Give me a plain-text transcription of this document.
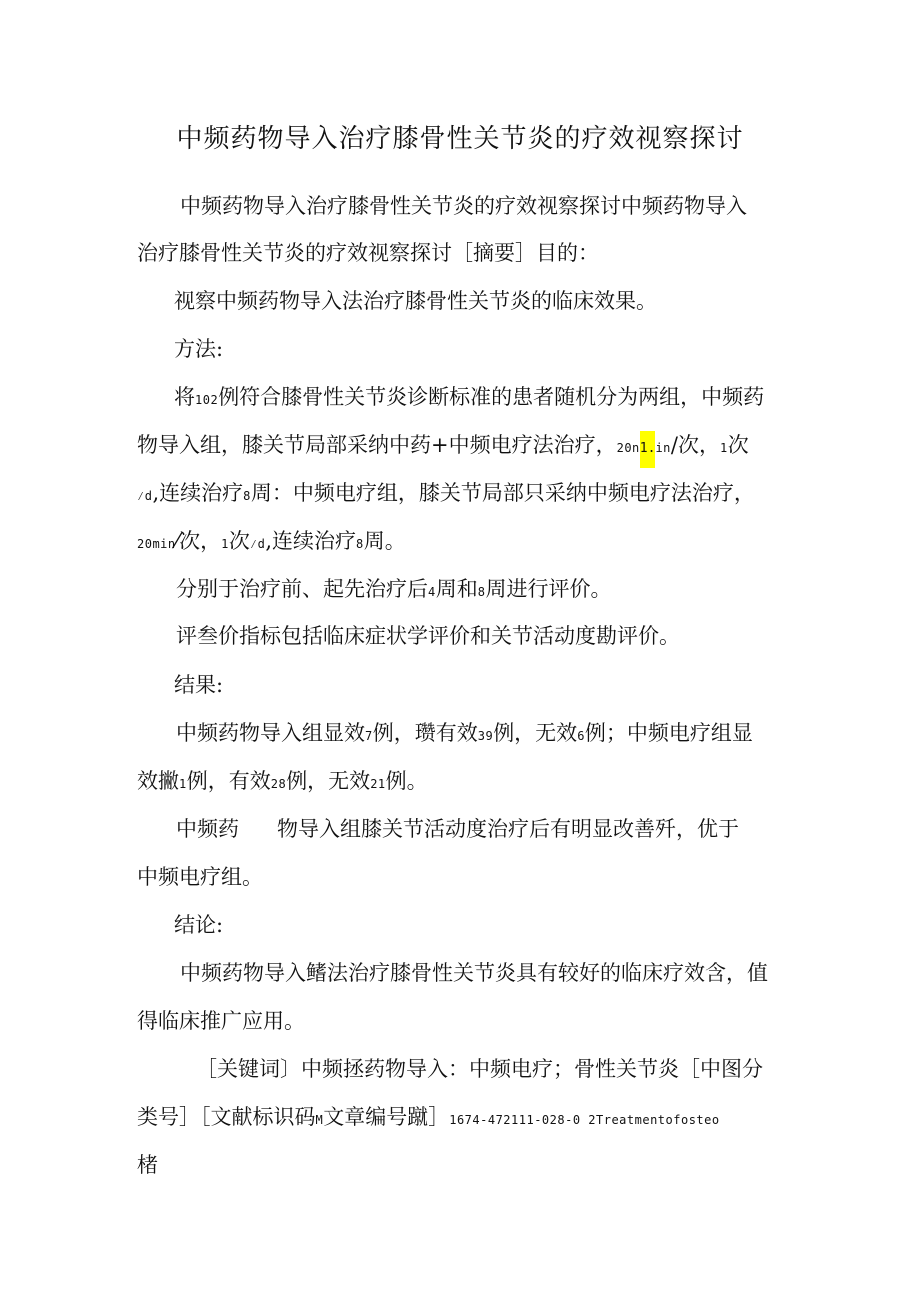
中频药物导入治疗膝骨性关节炎的疗效视察探讨
中频药物导入治疗膝骨性关节炎的疗效视察探讨中频药物导入
治疗膝骨性关节炎的疗效视察探讨［摘要］目的：
视察中频药物导入法治疗膝骨性关节炎的临床效果。
方法:
将102例符合膝骨性关节炎诊断标准的患者随机分为两组，中频药
物导入组，膝关节局部采纳中药+中频电疗法治疗，20n1.in/次，1次
⁄d,连续治疗8周：中频电疗组，膝关节局部只采纳中频电疗法治疗，
20min⁄次，1次⁄d,连续治疗8周。
分别于治疗前、起先治疗后4周和8周进行评价。
评叁价指标包括临床症状学评价和关节活动度勘评价。
结果:
中频药物导入组显效7例，瓒有效39例，无效6例；中频电疗组显
效撇1例，有效28例，无效21例。
中频药 物导入组膝关节活动度治疗后有明显改善歼，优于
中频电疗组。
结论:
中频药物导入鳍法治疗膝骨性关节炎具有较好的临床疗效含，值
得临床推广应用。
［关键词〕中频拯药物导入：中频电疗；骨性关节炎［中图分
类号］［文献标识码M文章编号蹴］1674-472111-028-0 2Treatmentofosteo
楮
